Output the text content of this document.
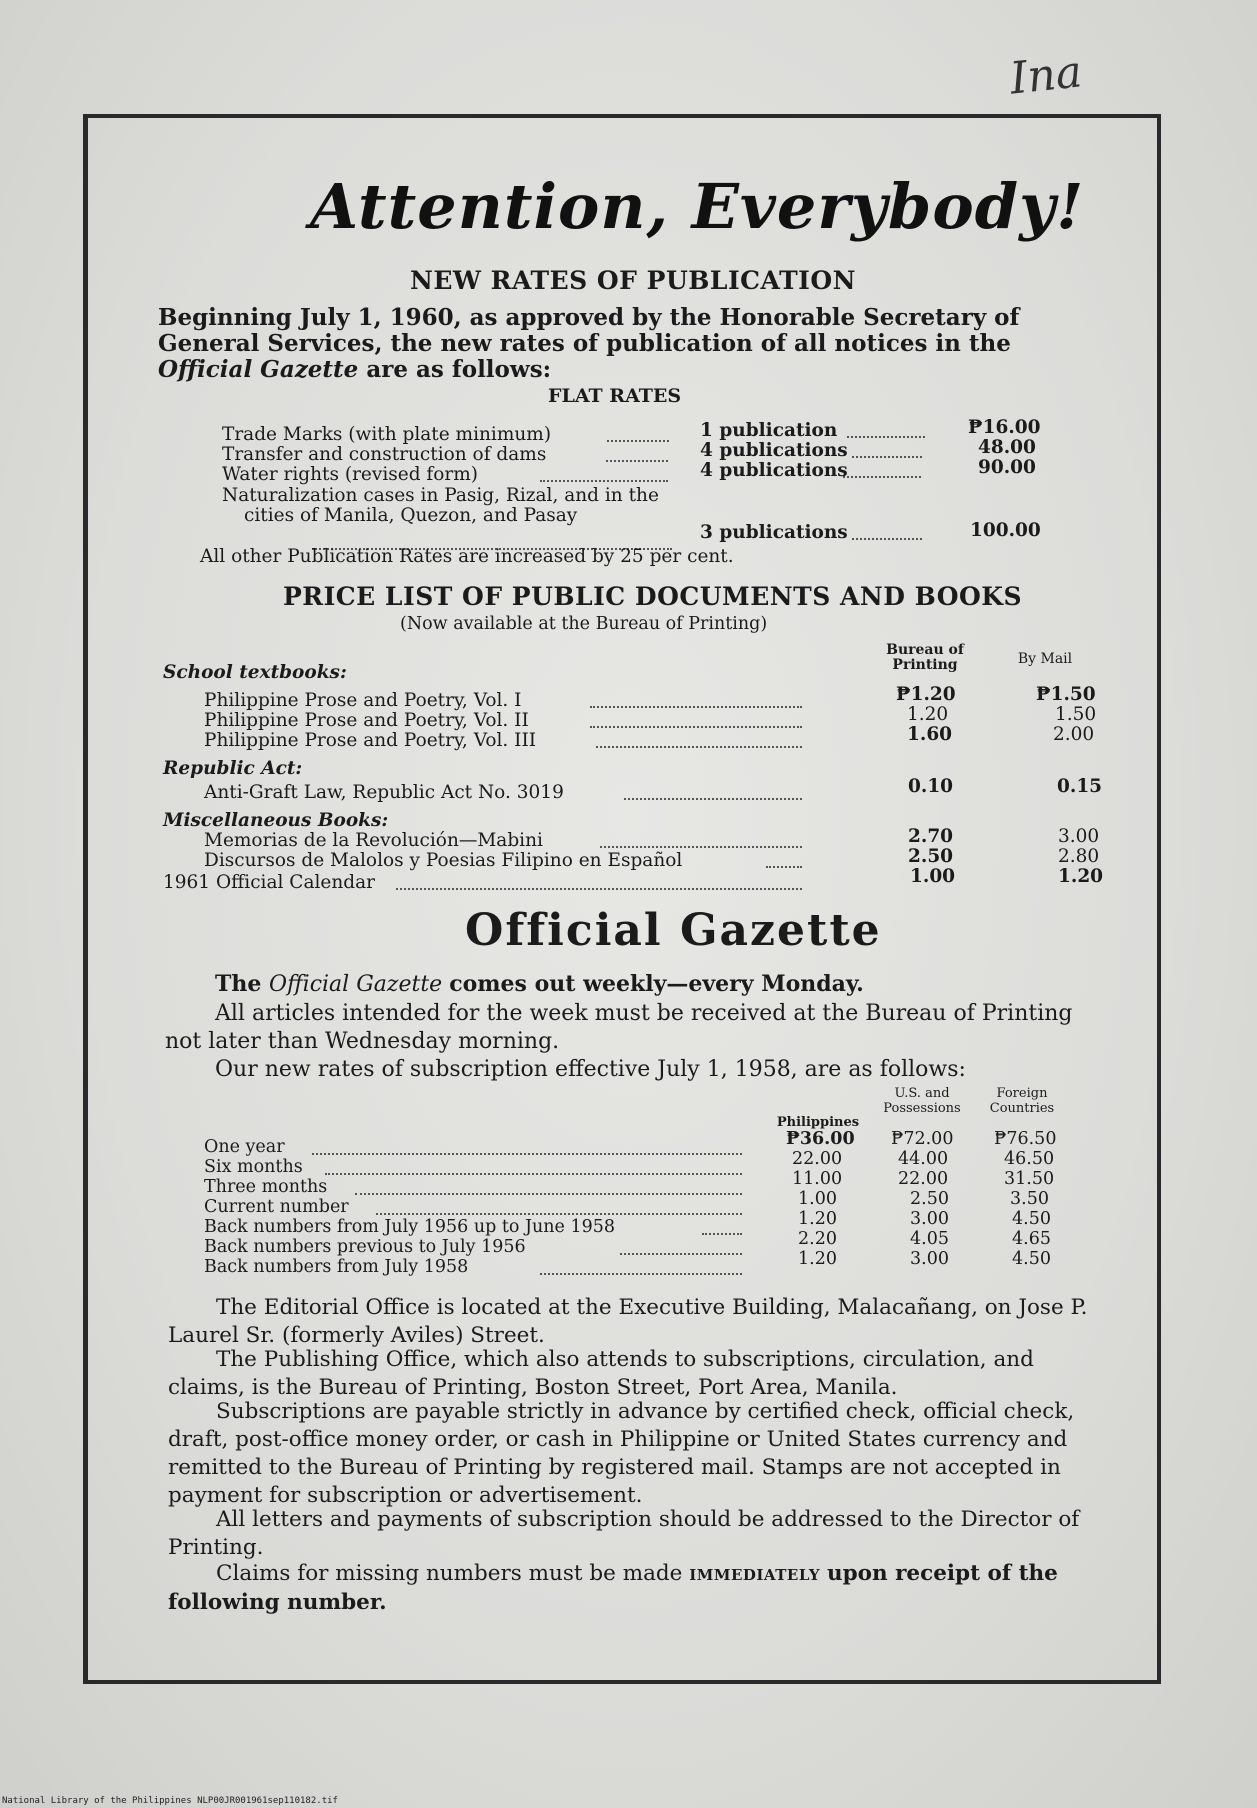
Ina
Attention, Everybody!
NEW RATES OF PUBLICATION
Beginning July 1, 1960, as approved by the Honorable Secretary of General Services, the new rates of publication of all notices in the Official Gazette are as follows:
FLAT RATES
Trade Marks (with plate minimum)	1 publication	₱16.00
Transfer and construction of dams	4 publications	48.00
Water rights (revised form)	4 publications	90.00
Naturalization cases in Pasig, Rizal, and in the cities of Manila, Quezon, and Pasay
3 publications	100.00
All other Publication Rates are increased by 25 per cent.
PRICE LIST OF PUBLIC DOCUMENTS AND BOOKS
(Now available at the Bureau of Printing)
Bureau of Printing	By Mail
School textbooks:
Philippine Prose and Poetry, Vol. I	₱1.20	₱1.50
Philippine Prose and Poetry, Vol. II	1.20	1.50
Philippine Prose and Poetry, Vol. III	1.60	2.00
Republic Act:
Anti-Graft Law, Republic Act No. 3019	0.10	0.15
Miscellaneous Books:
Memorias de la Revolución—Mabini	2.70	3.00
Discursos de Malolos y Poesias Filipino en Español	2.50	2.80
1961 Official Calendar	1.00	1.20
Official Gazette
The Official Gazette comes out weekly—every Monday.
All articles intended for the week must be received at the Bureau of Printing not later than Wednesday morning.
Our new rates of subscription effective July 1, 1958, are as follows:

Philippines
U.S. and Possessions
Foreign Countries
One year	₱36.00 ₱72.00 ₱76.50
Six months	22.00	44.00	46.50
Three months	11.00	22.00	31.50
Current number	1.00	2.50	3.50
Back numbers from July 1956 up to June 1958	1.20	3.00	4.50
Back numbers previous to July 1956	2.20	4.05	4.65
Back numbers from July 1958	1.20	3.00	4.50
The Editorial Office is located at the Executive Building, Malacañang, on Jose P. Laurel Sr. (formerly Aviles) Street.
The Publishing Office, which also attends to subscriptions, circulation, and claims, is the Bureau of Printing, Boston Street, Port Area, Manila.
Subscriptions are payable strictly in advance by certified check, official check, draft, post-office money order, or cash in Philippine or United States currency and remitted to the Bureau of Printing by registered mail. Stamps are not accepted in payment for subscription or advertisement.
All letters and payments of subscription should be addressed to the Director of Printing.
Claims for missing numbers must be made IMMEDIATELY upon receipt of the following number.
National Library of the Philippines NLP00JR001961sep110182.tif
